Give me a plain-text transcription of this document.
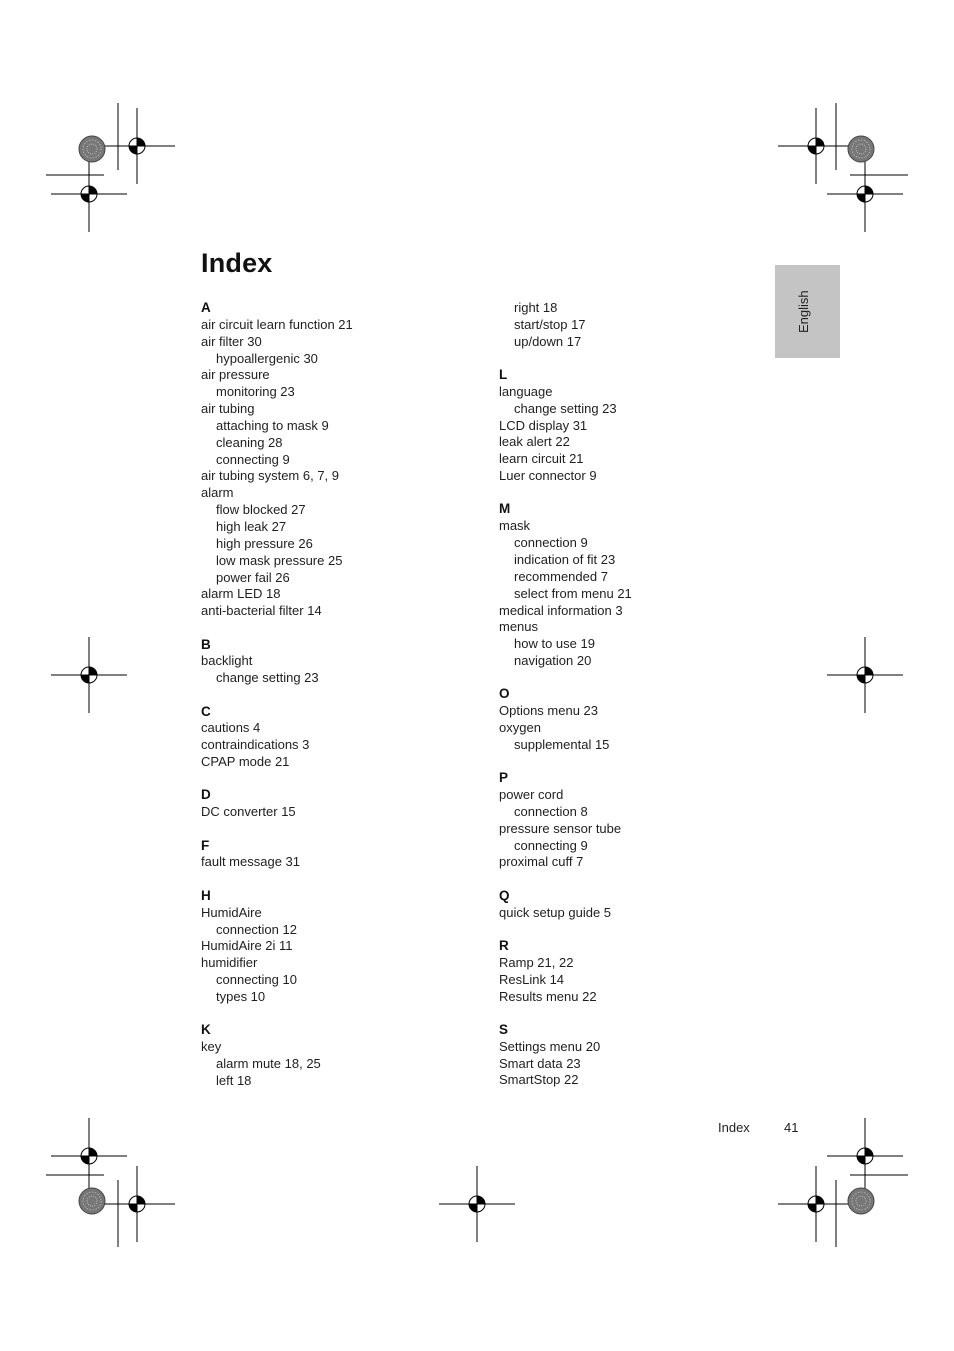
Index
English
A
air circuit learn function 21
air filter 30
hypoallergenic 30
air pressure
monitoring 23
air tubing
attaching to mask 9
cleaning 28
connecting 9
air tubing system 6, 7, 9
alarm
flow blocked 27
high leak 27
high pressure 26
low mask pressure 25
power fail 26
alarm LED 18
anti-bacterial filter 14
B
backlight
change setting 23
C
cautions 4
contraindications 3
CPAP mode 21
D
DC converter 15
F
fault message 31
H
HumidAire
connection 12
HumidAire 2i 11
humidifier
connecting 10
types 10
K
key
alarm mute 18, 25
left 18
right 18
start/stop 17
up/down 17
L
language
change setting 23
LCD display 31
leak alert 22
learn circuit 21
Luer connector 9
M
mask
connection 9
indication of fit 23
recommended 7
select from menu 21
medical information 3
menus
how to use 19
navigation 20
O
Options menu 23
oxygen
supplemental 15
P
power cord
connection 8
pressure sensor tube
connecting 9
proximal cuff 7
Q
quick setup guide 5
R
Ramp 21, 22
ResLink 14
Results menu 22
S
Settings menu 20
Smart data 23
SmartStop 22
Index	41
